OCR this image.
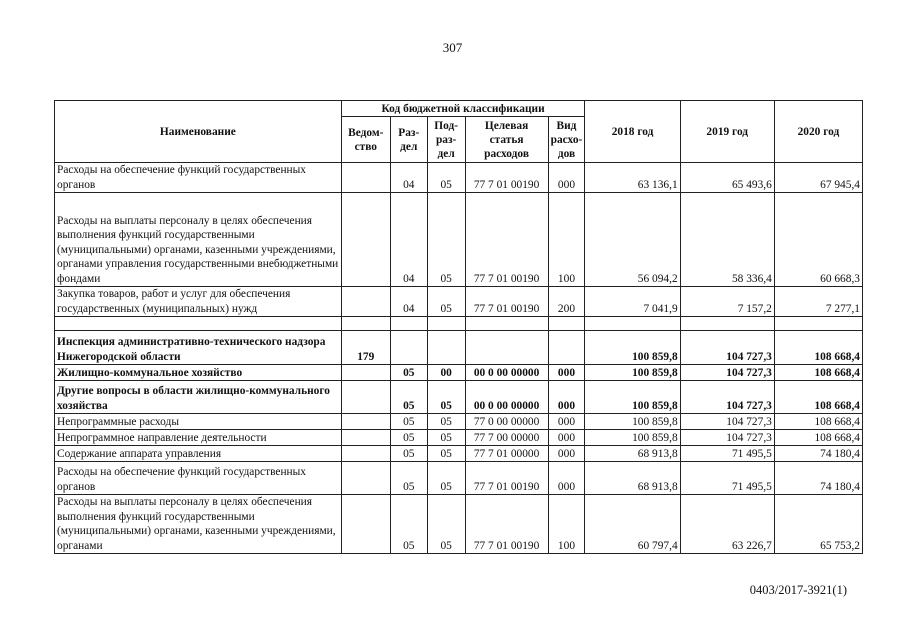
307
Наименование	Код бюджетной классификации					2018 год	2019 год	2020 год
	Ведом-ство	Раз-дел	Под-раз-дел	Целевая статья расходов	Вид расхо-дов			
Расходы на обеспечение функций государственных органов		04	05	77 7 01 00190	000	63 136,1	65 493,6	67 945,4
Расходы на выплаты персоналу в целях обеспечения выполнения функций государственными (муниципальными) органами, казенными учреждениями, органами управления государственными внебюджетными фондами		04	05	77 7 01 00190	100	56 094,2	58 336,4	60 668,3
Закупка товаров, работ и услуг для обеспечения государственных (муниципальных) нужд		04	05	77 7 01 00190	200	7 041,9	7 157,2	7 277,1

Инспекция административно-технического надзора Нижегородской области	179					100 859,8	104 727,3	108 668,4
Жилищно-коммунальное хозяйство		05	00	00 0 00 00000	000	100 859,8	104 727,3	108 668,4
Другие вопросы в области жилищно-коммунального хозяйства		05	05	00 0 00 00000	000	100 859,8	104 727,3	108 668,4
Непрограммные расходы		05	05	77 0 00 00000	000	100 859,8	104 727,3	108 668,4
Непрограммное направление деятельности		05	05	77 7 00 00000	000	100 859,8	104 727,3	108 668,4
Содержание аппарата управления		05	05	77 7 01 00000	000	68 913,8	71 495,5	74 180,4
Расходы на обеспечение функций государственных органов		05	05	77 7 01 00190	000	68 913,8	71 495,5	74 180,4
Расходы на выплаты персоналу в целях обеспечения выполнения функций государственными (муниципальными) органами, казенными учреждениями, органами		05	05	77 7 01 00190	100	60 797,4	63 226,7	65 753,2
0403/2017-3921(1)
